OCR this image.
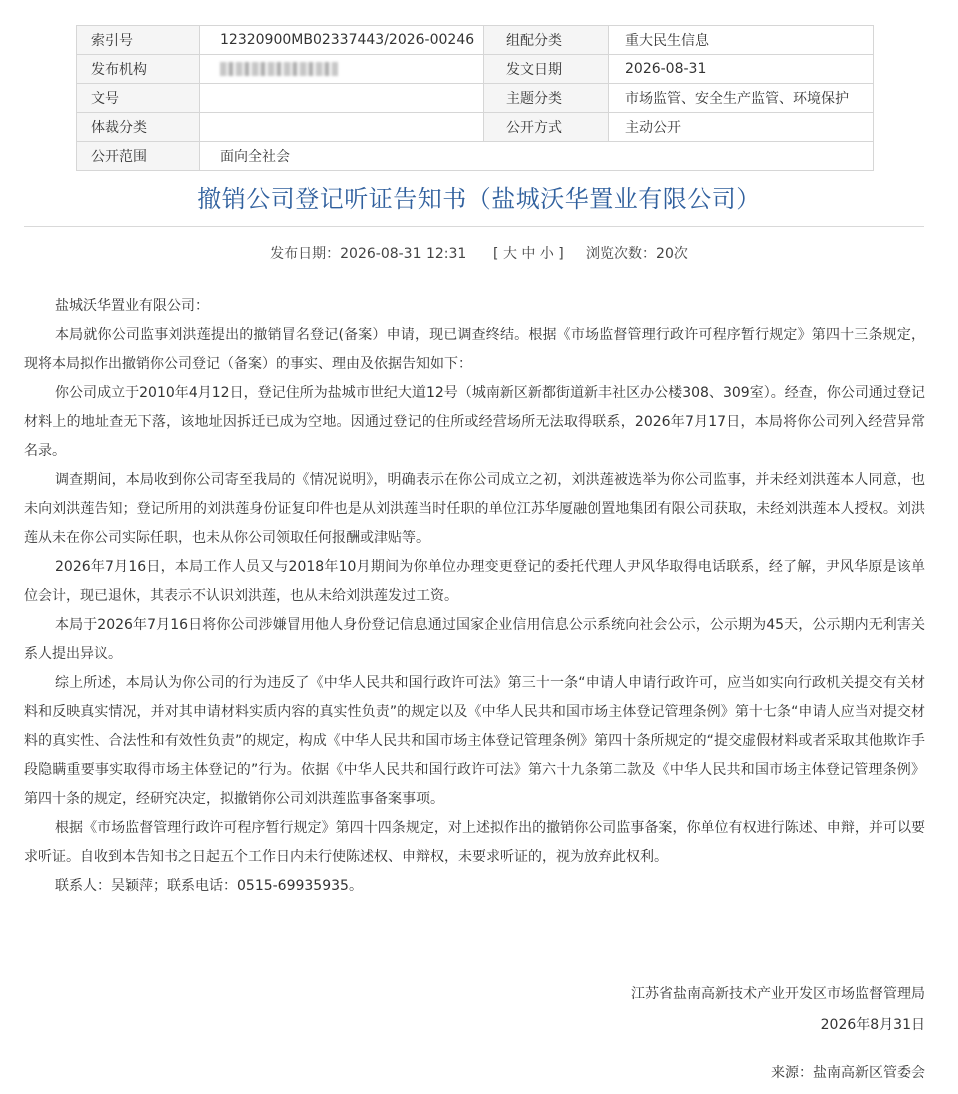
索引号	12320900MB02337443/2026-00246	组配分类	重大民生信息
发布机构		发文日期	2026-08-31
文号		主题分类	市场监管、安全生产监管、环境保护
体裁分类		公开方式	主动公开
公开范围	面向全社会		
撤销公司登记听证告知书（盐城沃华置业有限公司）
发布日期：2026-08-31 12:31 [ 大 中 小 ] 浏览次数：20次

盐城沃华置业有限公司：

本局就你公司监事刘洪莲提出的撤销冒名登记(备案）申请，现已调查终结。根据《市场监督管理行政许可程序暂行规定》第四十三条规定，现将本局拟作出撤销你公司登记（备案）的事实、理由及依据告知如下：

你公司成立于2010年4月12日，登记住所为盐城市世纪大道12号（城南新区新都街道新丰社区办公楼308、309室）。经查，你公司通过登记材料上的地址查无下落，该地址因拆迁已成为空地。因通过登记的住所或经营场所无法取得联系，2026年7月17日，本局将你公司列入经营异常名录。

调查期间，本局收到你公司寄至我局的《情况说明》，明确表示在你公司成立之初，刘洪莲被选举为你公司监事，并未经刘洪莲本人同意，也未向刘洪莲告知；登记所用的刘洪莲身份证复印件也是从刘洪莲当时任职的单位江苏华厦融创置地集团有限公司获取，未经刘洪莲本人授权。刘洪莲从未在你公司实际任职，也未从你公司领取任何报酬或津贴等。

2026年7月16日，本局工作人员又与2018年10月期间为你单位办理变更登记的委托代理人尹风华取得电话联系，经了解，尹风华原是该单位会计，现已退休，其表示不认识刘洪莲，也从未给刘洪莲发过工资。

本局于2026年7月16日将你公司涉嫌冒用他人身份登记信息通过国家企业信用信息公示系统向社会公示，公示期为45天，公示期内无利害关系人提出异议。

综上所述，本局认为你公司的行为违反了《中华人民共和国行政许可法》第三十一条“申请人申请行政许可，应当如实向行政机关提交有关材料和反映真实情况，并对其申请材料实质内容的真实性负责”的规定以及《中华人民共和国市场主体登记管理条例》第十七条“申请人应当对提交材料的真实性、合法性和有效性负责”的规定，构成《中华人民共和国市场主体登记管理条例》第四十条所规定的“提交虚假材料或者采取其他欺诈手段隐瞒重要事实取得市场主体登记的”行为。依据《中华人民共和国行政许可法》第六十九条第二款及《中华人民共和国市场主体登记管理条例》第四十条的规定，经研究决定，拟撤销你公司刘洪莲监事备案事项。

根据《市场监督管理行政许可程序暂行规定》第四十四条规定，对上述拟作出的撤销你公司监事备案，你单位有权进行陈述、申辩，并可以要求听证。自收到本告知书之日起五个工作日内未行使陈述权、申辩权，未要求听证的，视为放弃此权利。

联系人：吴颖萍；联系电话：0515-69935935。

江苏省盐南高新技术产业开发区市场监督管理局
2026年8月31日
来源：盐南高新区管委会
